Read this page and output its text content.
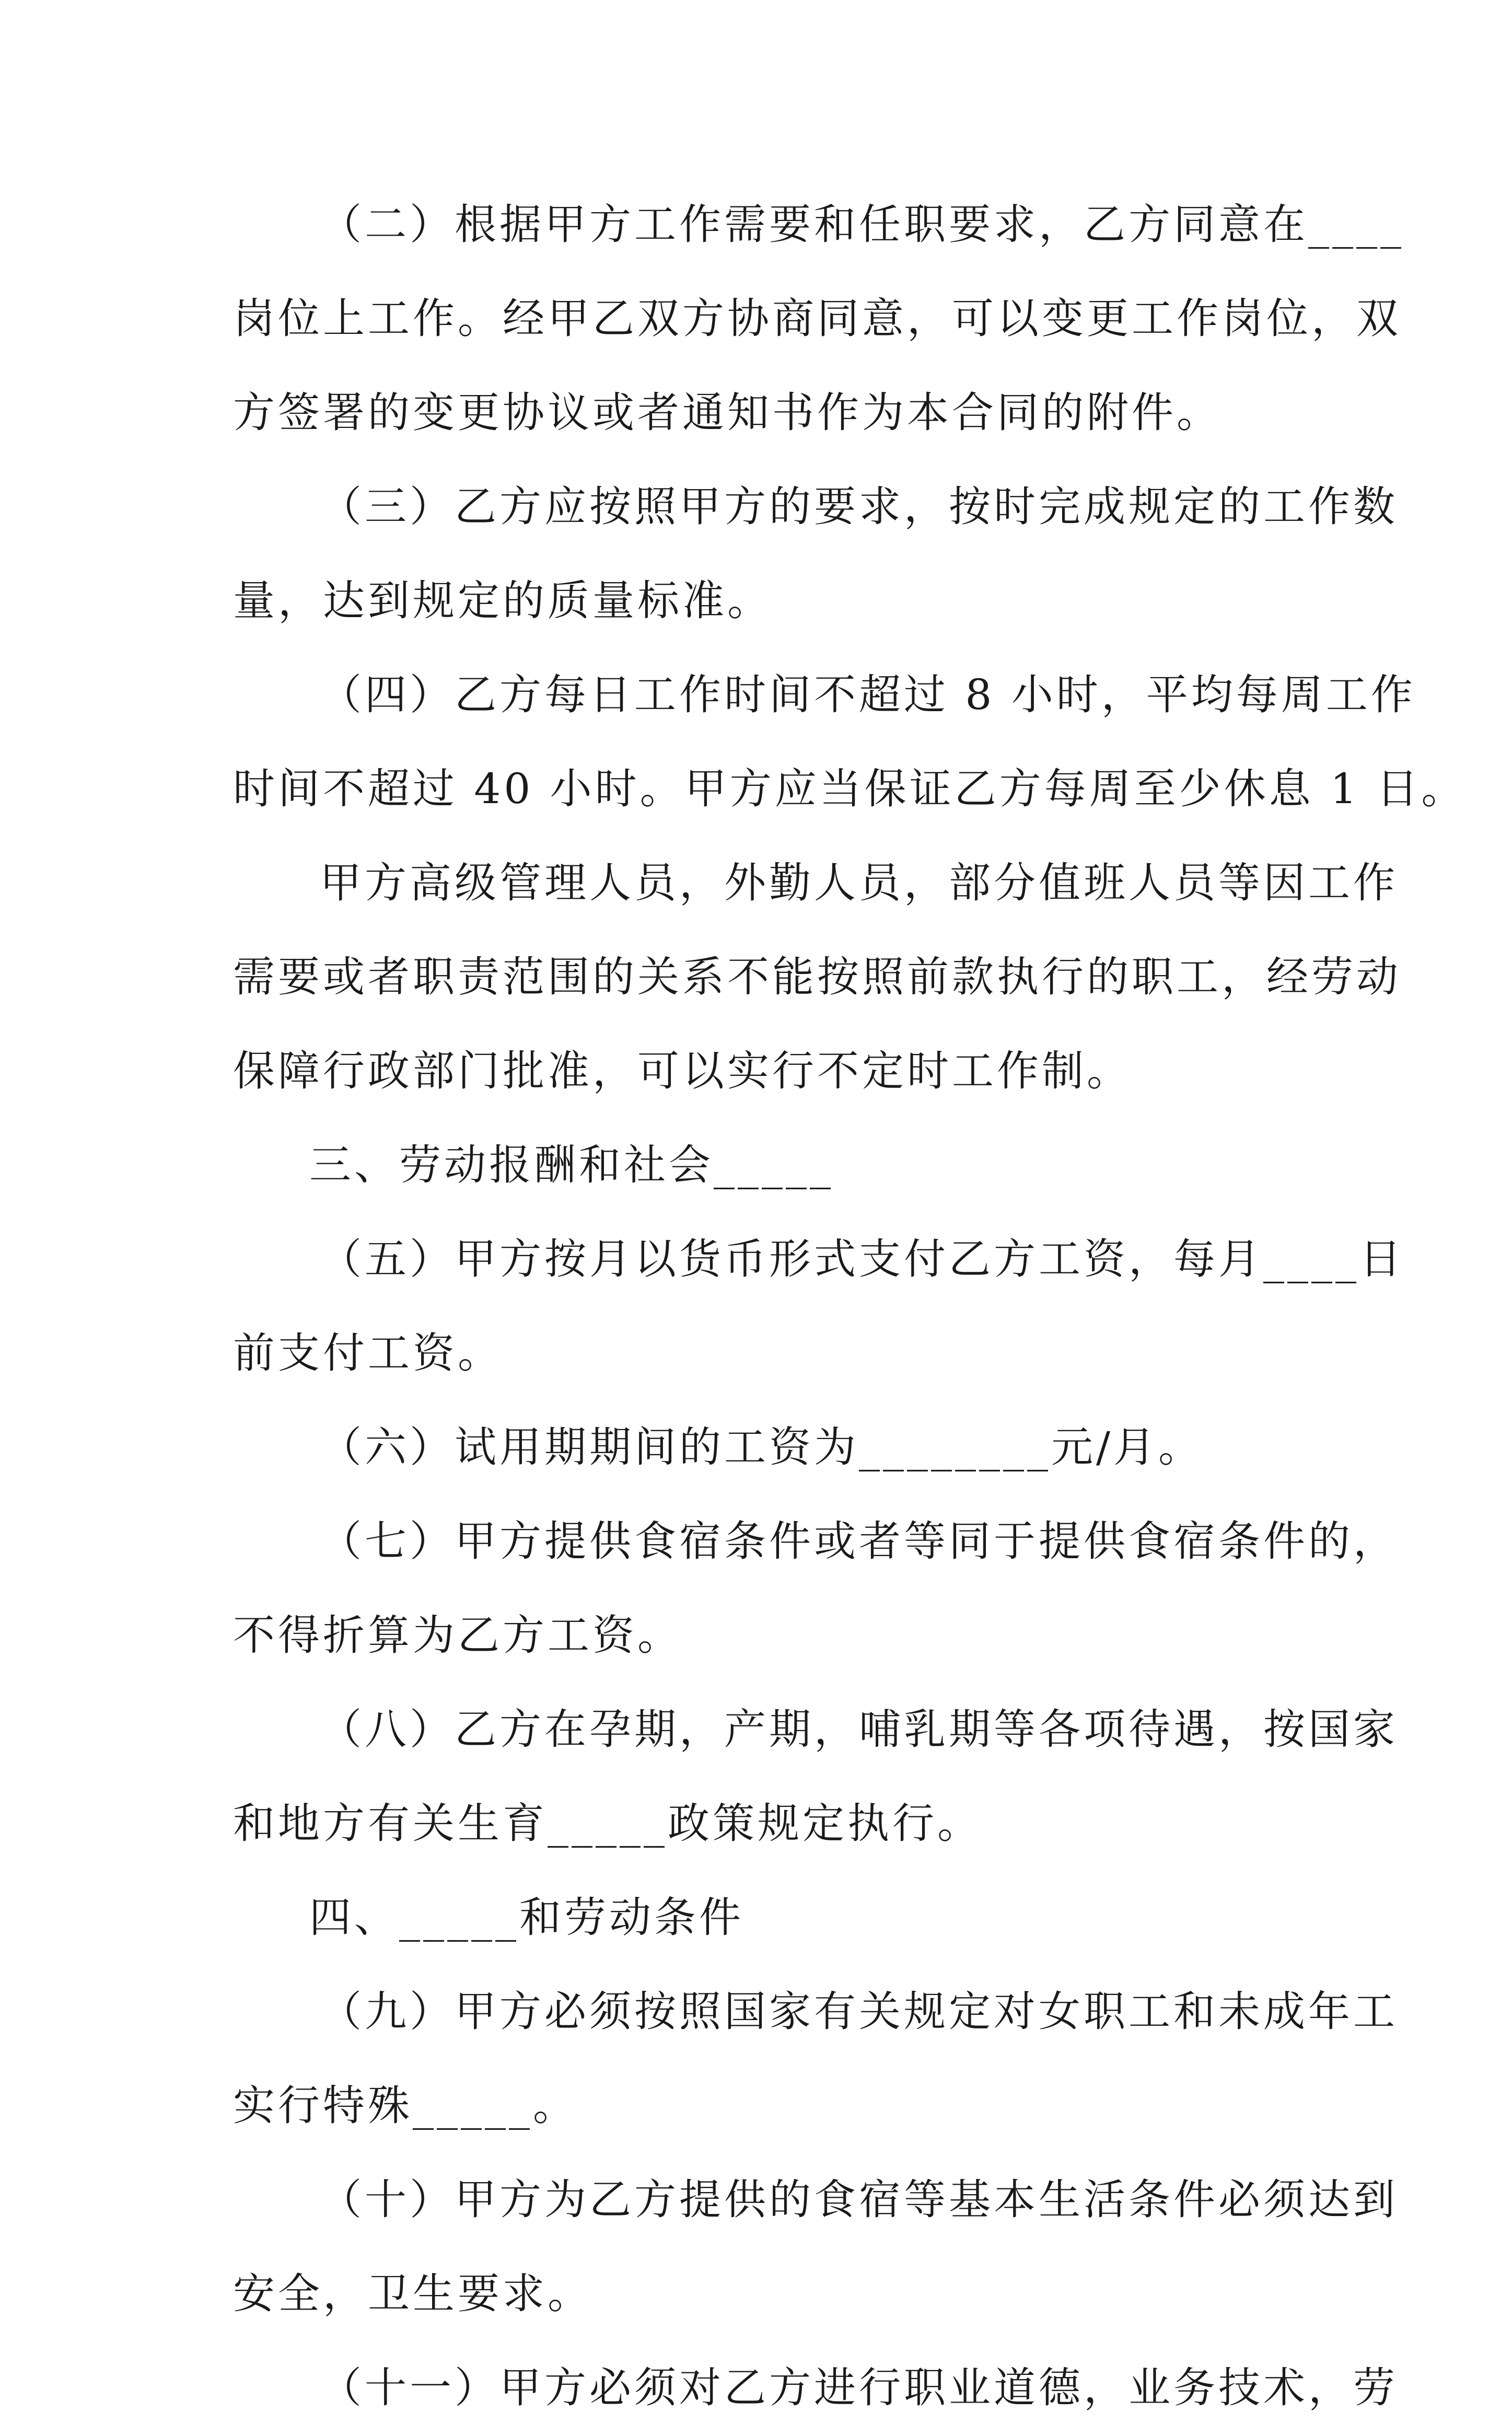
（二）根据甲方工作需要和任职要求，乙方同意在____
岗位上工作。经甲乙双方协商同意，可以变更工作岗位，双
方签署的变更协议或者通知书作为本合同的附件。
（三）乙方应按照甲方的要求，按时完成规定的工作数
量，达到规定的质量标准。
（四）乙方每日工作时间不超过 8 小时，平均每周工作
时间不超过 40 小时。甲方应当保证乙方每周至少休息 1 日。
甲方高级管理人员，外勤人员，部分值班人员等因工作
需要或者职责范围的关系不能按照前款执行的职工，经劳动
保障行政部门批准，可以实行不定时工作制。
三、劳动报酬和社会_____
（五）甲方按月以货币形式支付乙方工资，每月____日
前支付工资。
（六）试用期期间的工资为________元/月。
（七）甲方提供食宿条件或者等同于提供食宿条件的，
不得折算为乙方工资。
（八）乙方在孕期，产期，哺乳期等各项待遇，按国家
和地方有关生育_____政策规定执行。
四、_____和劳动条件
（九）甲方必须按照国家有关规定对女职工和未成年工
实行特殊_____。
（十）甲方为乙方提供的食宿等基本生活条件必须达到
安全，卫生要求。
（十一）甲方必须对乙方进行职业道德，业务技术，劳
